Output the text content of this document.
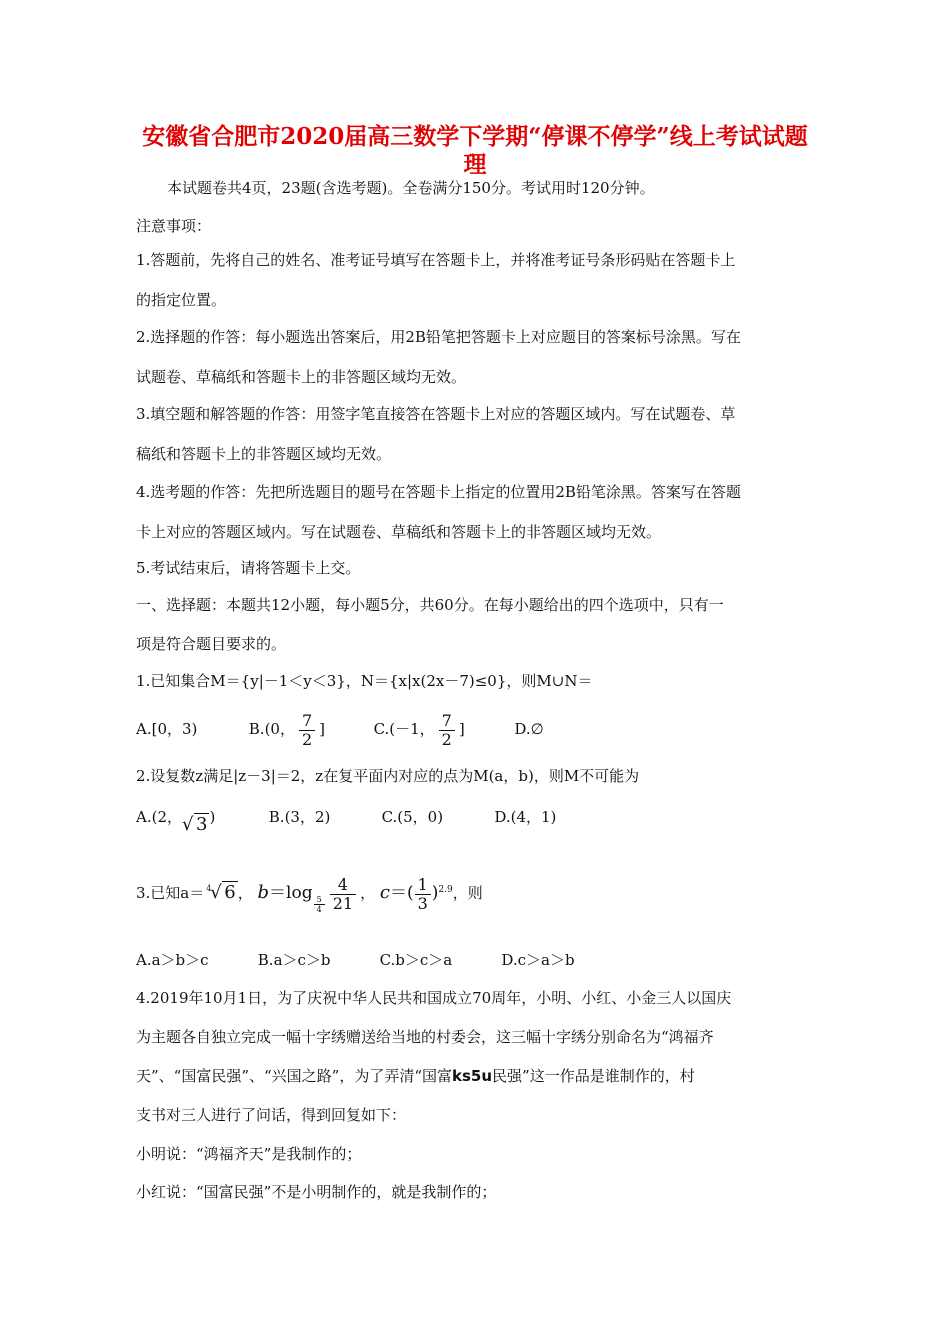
安徽省合肥市2020届高三数学下学期“停课不停学”线上考试试题
理
本试题卷共4页，23题(含选考题)。全卷满分150分。考试用时120分钟。
注意事项：
1.答题前，先将自己的姓名、准考证号填写在答题卡上，并将准考证号条形码贴在答题卡上
的指定位置。
2.选择题的作答：每小题选出答案后，用2B铅笔把答题卡上对应题目的答案标号涂黑。写在
试题卷、草稿纸和答题卡上的非答题区域均无效。
3.填空题和解答题的作答：用签字笔直接答在答题卡上对应的答题区域内。写在试题卷、草
稿纸和答题卡上的非答题区域均无效。
4.选考题的作答：先把所选题目的题号在答题卡上指定的位置用2B铅笔涂黑。答案写在答题
卡上对应的答题区域内。写在试题卷、草稿纸和答题卡上的非答题区域均无效。
5.考试结束后，请将答题卡上交。
一、选择题：本题共12小题，每小题5分，共60分。在每小题给出的四个选项中，只有一
项是符合题目要求的。
1.已知集合M＝{y|－1＜y＜3}，N＝{x|x(2x－7)≤0}，则M∪N＝
A.[0，3)	B.(0， $\frac{7}{2}$ ]	C.(－1， $\frac{7}{2}$ ]	D.∅
2.设复数z满足|z－3|＝2，z在复平面内对应的点为M(a，b)，则M不可能为
A.(2， √ 3 )	B.(3，2)	C.(5，0)	D.(4，1)
3.已知a＝ 4 √ 6 ， b＝log
$\frac{5}{4} \frac{4}{21}$ ， $c=( \frac{1}{3} )^{2.9}$，则
A.a＞b＞c	B.a＞c＞b	C.b＞c＞a	D.c＞a＞b
4.2019年10月1日，为了庆祝中华人民共和国成立70周年，小明、小红、小金三人以国庆
为主题各自独立完成一幅十字绣赠送给当地的村委会，这三幅十字绣分别命名为“鸿福齐
天”、“国富民强”、“兴国之路”，为了弄清“国富ks5u民强”这一作品是谁制作的，村
支书对三人进行了问话，得到回复如下：
小明说：“鸿福齐天”是我制作的；
小红说：“国富民强”不是小明制作的，就是我制作的；
